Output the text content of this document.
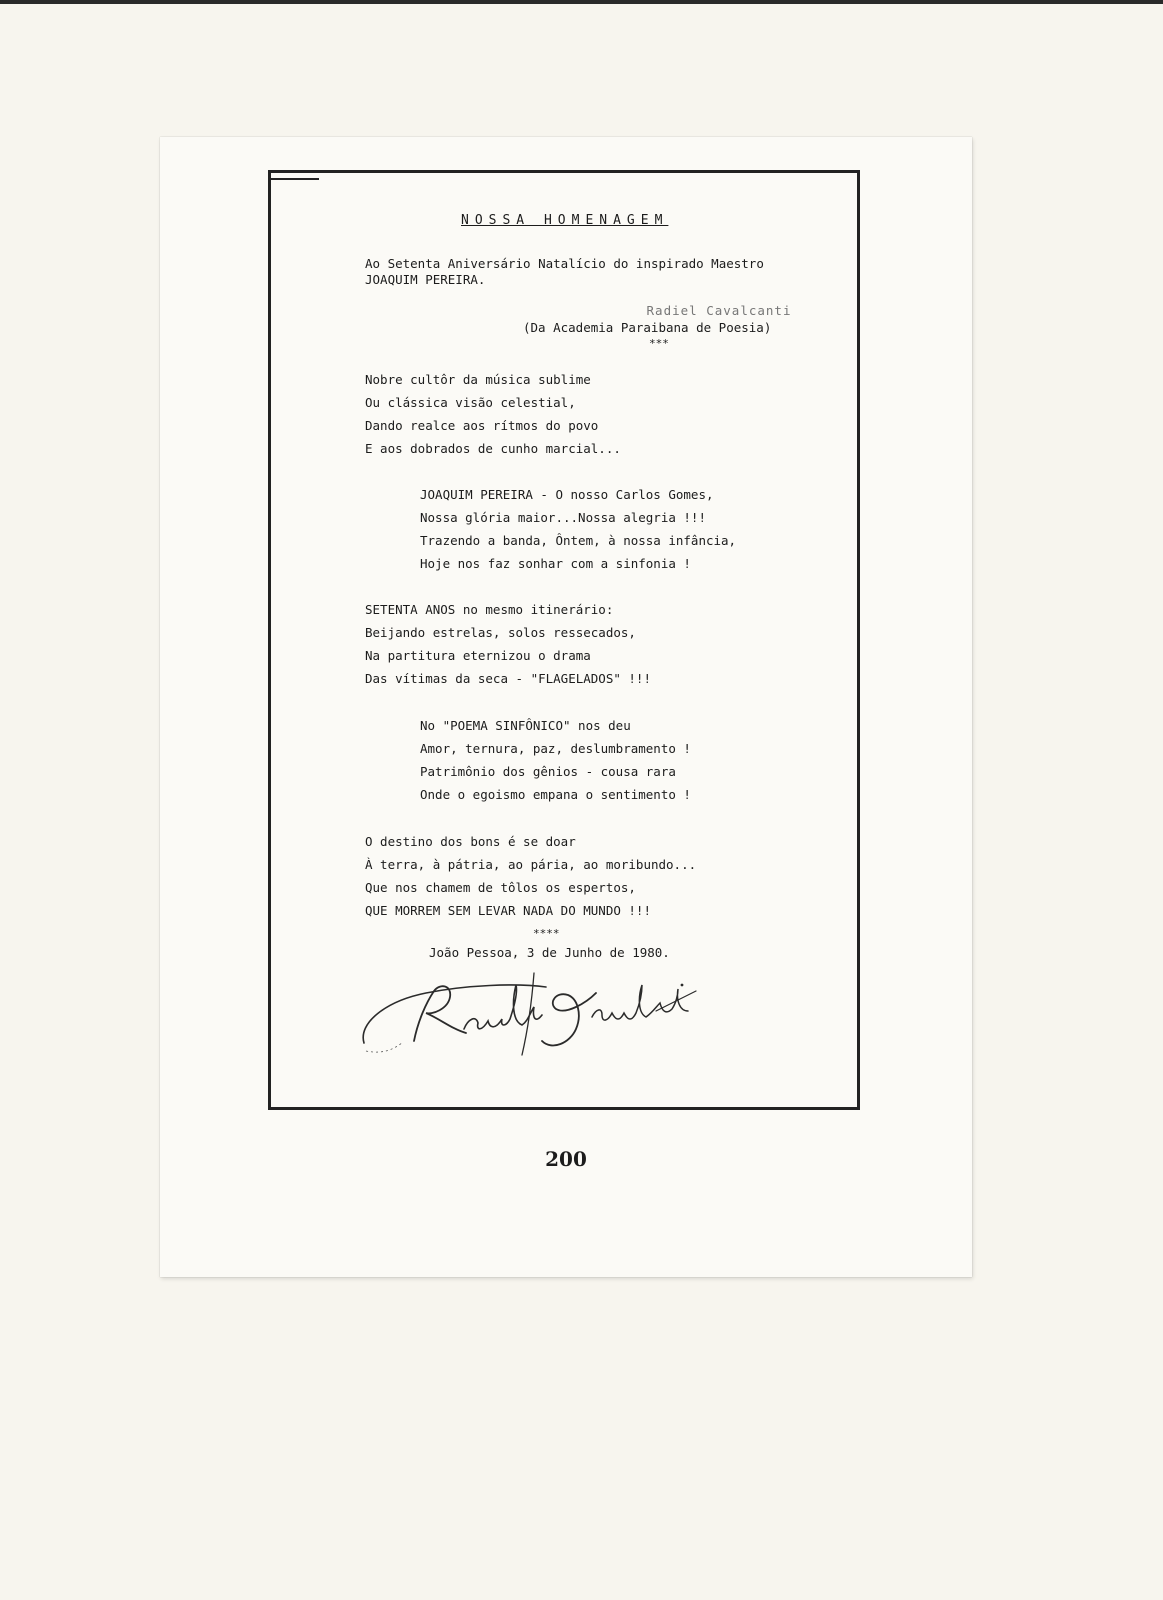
NOSSA HOMENAGEM
Ao Setenta Aniversário Natalício do inspirado Maestro
JOAQUIM PEREIRA.
Radiel Cavalcanti
(Da Academia Paraibana de Poesia)
***
Nobre cultôr da música sublime
Ou clássica visão celestial,
Dando realce aos rítmos do povo
E aos dobrados de cunho marcial...
JOAQUIM PEREIRA - O nosso Carlos Gomes,
Nossa glória maior...Nossa alegria !!!
Trazendo a banda, Ôntem, à nossa infância,
Hoje nos faz sonhar com a sinfonia !
SETENTA ANOS no mesmo itinerário:
Beijando estrelas, solos ressecados,
Na partitura eternizou o drama
Das vítimas da seca - "FLAGELADOS" !!!
No "POEMA SINFÔNICO" nos deu
Amor, ternura, paz, deslumbramento !
Patrimônio dos gênios - cousa rara
Onde o egoismo empana o sentimento !
O destino dos bons é se doar
À terra, à pátria, ao pária, ao moribundo...
Que nos chamem de tôlos os espertos,
QUE MORREM SEM LEVAR NADA DO MUNDO !!!
****
João Pessoa, 3 de Junho de 1980.
200
